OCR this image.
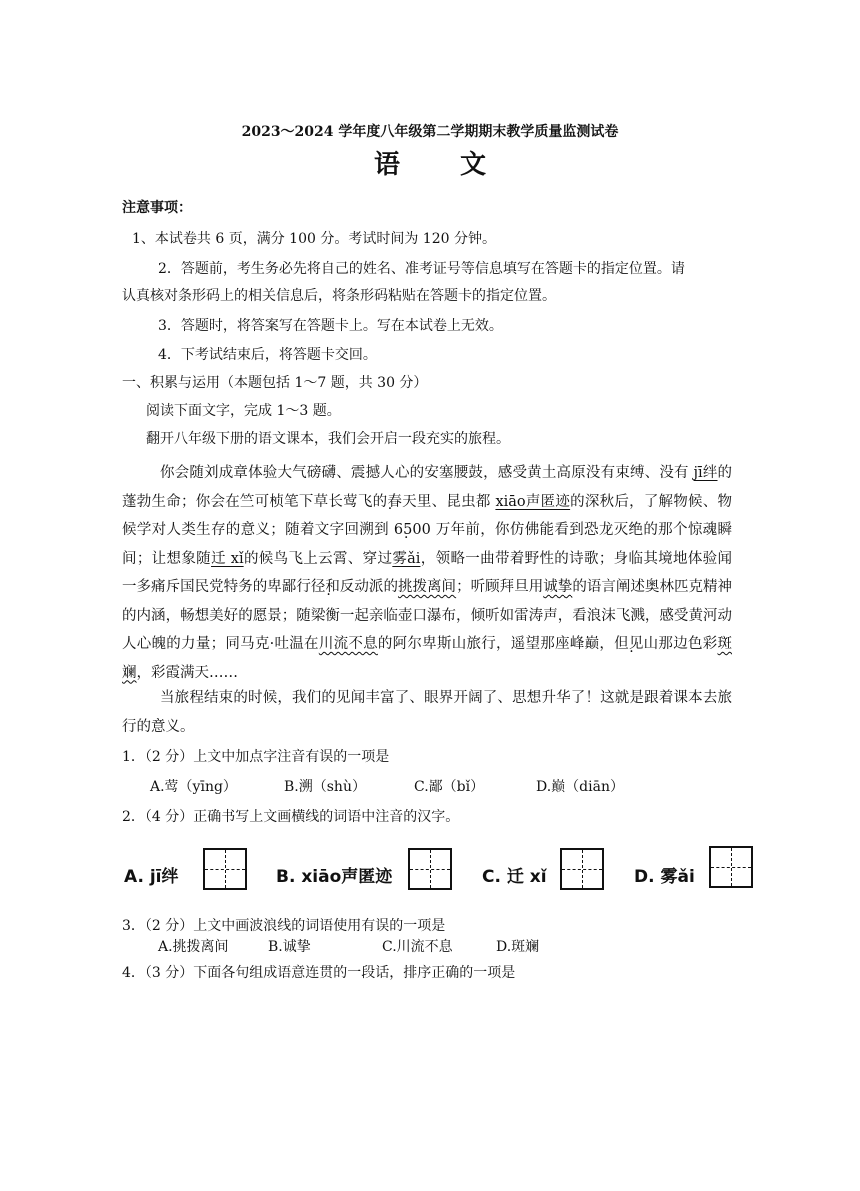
2023～2024 学年度八年级第二学期期末教学质量监测试卷
语文
注意事项：
1、本试卷共 6 页，满分 100 分。考试时间为 120 分钟。
2．答题前，考生务必先将自己的姓名、准考证号等信息填写在答题卡的指定位置。请
认真核对条形码上的相关信息后，将条形码粘贴在答题卡的指定位置。
3．答题时，将答案写在答题卡上。写在本试卷上无效。
4．下考试结束后，将答题卡交回。
一、积累与运用（本题包括 1～7 题，共 30 分）
阅读下面文字，完成 1～3 题。
翻开八年级下册的语文课本，我们会开启一段充实的旅程。
你会随刘成章体验大气磅礴、震撼人心的安塞腰鼓，感受黄土高原没有束缚、没有 jī绊的蓬勃生命；你会在竺可桢笔下草长莺 ·飞的春天里、昆虫都 xiāo声匿迹的深秋后，了解物候、物候学对人类生存的意义；随着文字回溯 ·到 6500 万年前，你仿佛能看到恐龙灭绝的那个惊魂瞬间；让想象随迁 xǐ的候鸟飞上云霄、穿过雾ǎi，领略一曲带着野性的诗歌；身临其境地体验闻一多痛斥国民党特务的卑鄙 ·行径和反动派的挑拨离间；听顾拜旦用诚挚的语言阐述奥林匹克精神的内涵，畅想美好的愿景；随梁衡一起亲临壶口瀑布，倾听如雷涛声，看浪沫飞溅，感受黄河动人心魄的力量；同马克·吐温在川流不息的阿尔卑斯山旅行，遥望那座峰巅 ·，但见山那边色彩斑斓，彩霞满天……
当旅程结束的时候，我们的见闻丰富了、眼界开阔了、思想升华了！这就是跟着课本去旅行的意义。
1．（2 分）上文中加点字注音有误的一项是
A.莺（yīng）	B.溯（shù）	C.鄙（bǐ）	D.巅（diān）
2．（4 分）正确书写上文画横线的词语中注音的汉字。
A. jī绊	B. xiāo声匿迹	C. 迁 xǐ	D. 雾ǎi
3．（2 分）上文中画波浪线的词语使用有误的一项是
A.挑拨离间	B.诚挚	C.川流不息	D.斑斓
4．（3 分）下面各句组成语意连贯的一段话，排序正确的一项是
